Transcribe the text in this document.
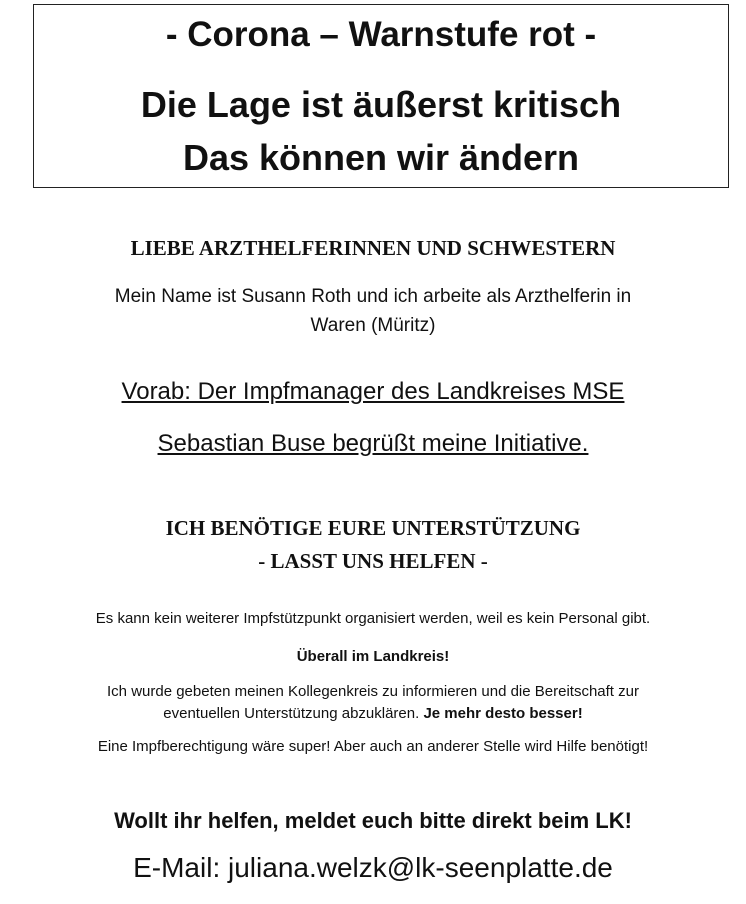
- Corona – Warnstufe rot -
Die Lage ist äußerst kritisch
Das können wir ändern
LIEBE ARZTHELFERINNEN UND SCHWESTERN
Mein Name ist Susann Roth und ich arbeite als Arzthelferin in
Waren (Müritz)
Vorab: Der Impfmanager des Landkreises MSE
Sebastian Buse begrüßt meine Initiative.
ICH BENÖTIGE EURE UNTERSTÜTZUNG
- LASST UNS HELFEN -
Es kann kein weiterer Impfstützpunkt organisiert werden, weil es kein Personal gibt.
Überall im Landkreis!
Ich wurde gebeten meinen Kollegenkreis zu informieren und die Bereitschaft zur
eventuellen Unterstützung abzuklären. Je mehr desto besser!
Eine Impfberechtigung wäre super! Aber auch an anderer Stelle wird Hilfe benötigt!
Wollt ihr helfen, meldet euch bitte direkt beim LK!
E-Mail: juliana.welzk@lk-seenplatte.de
